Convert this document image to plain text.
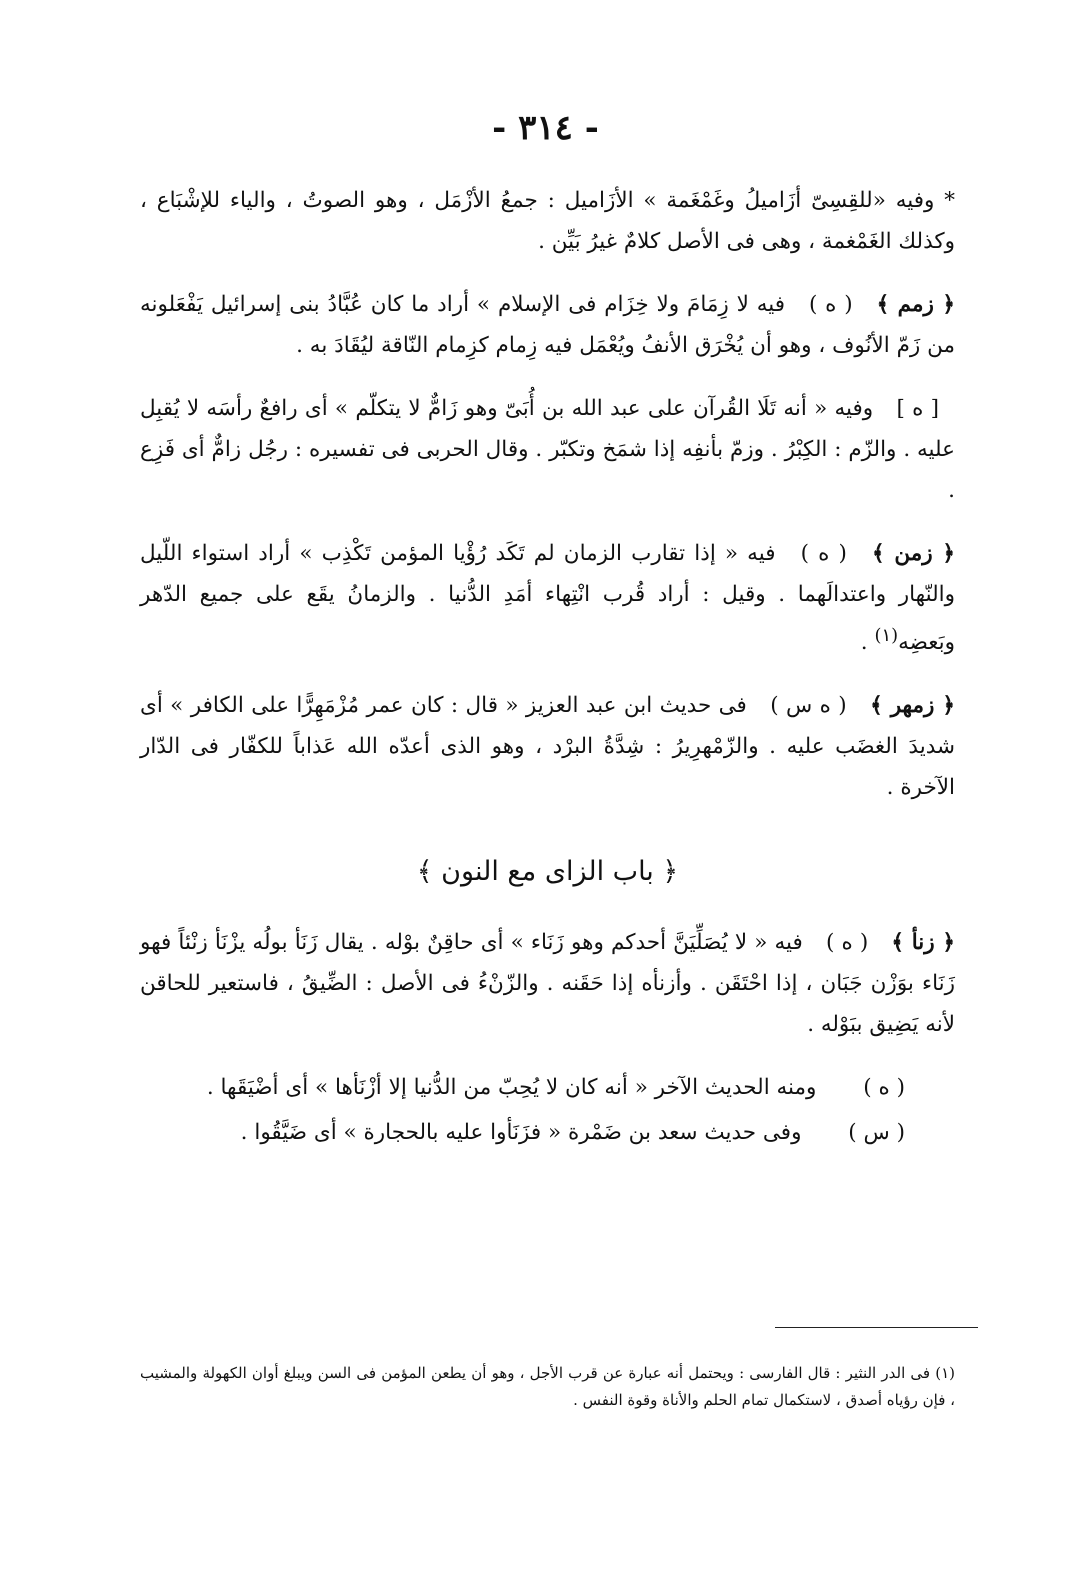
- ٣١٤ -

* وفيه «للقِسِىّ أزَاميلُ وغَمْغَمة » الأزَاميل : جمعُ الأزْمَل ، وهو الصوتُ ، والياء للإشْبَاع ، وكذلك الغَمْغمة ، وهى فى الأصل كلامٌ غيرُ بَيِّن .

﴿ زمم ﴾ ( ه ) فيه لا زِمَامَ ولا خِزَام فى الإسلام » أراد ما كان عُبَّادُ بنى إسرائيل يَفْعَلونه من زَمّ الأنُوف ، وهو أن يُخْرَق الأنفُ ويُعْمَل فيه زِمام كزِمام النّاقة ليُقَادَ به .

[ ه ] وفيه « أنه تَلَا القُرآن على عبد الله بن أُبَىّ وهو زَامٌّ لا يتكلّم » أى رافعٌ رأسَه لا يُقبِل عليه . والزّم : الكِبْرُ . وزمّ بأنفِه إذا شمَخ وتكبّر . وقال الحربى فى تفسيره : رجُل زامٌّ أى فَزِع .

﴿ زمن ﴾ ( ه ) فيه « إذا تقارب الزمان لم تَكَد رُؤْيا المؤمن تَكْذِب » أراد استواء اللّيل والنّهار واعتدالَهما . وقيل : أراد قُرب انْتِهاء أمَدِ الدُّنيا . والزمانُ يقَع على جميع الدّهر وبَعضِه$^{(١)}$ .

﴿ زمهر ﴾ ( ه س ) فى حديث ابن عبد العزيز « قال : كان عمر مُزْمَهِرًّا على الكافر » أى شديدَ الغضَب عليه . والزّمْهرِيرُ : شِدَّةُ البرْد ، وهو الذى أعدّه الله عَذاباً للكفّار فى الدّار الآخرة .

﴿ باب الزاى مع النون ﴾

﴿ زنأ ﴾ ( ه ) فيه « لا يُصَلِّيَنَّ أحدكم وهو زَنَاء » أى حاقِنٌ بوْله . يقال زَنَأ بولُه يزْنَأ زنْئاً فهو زَنَاء بوَزْن جَبَان ، إذا احْتَقَن . وأزنأه إذا حَقَنه . والزّنْءُ فى الأصل : الضِّيقُ ، فاستعير للحاقن لأنه يَضِيق ببَوْله .

( ه ) ومنه الحديث الآخر « أنه كان لا يُحِبّ من الدُّنيا إلا أزْنَأها » أى أضْيَقَها .

( س ) وفى حديث سعد بن ضَمْرة « فزَنَأوا عليه بالحجارة » أى ضَيَّقُوا .

(١) فى الدر النثير : قال الفارسى : ويحتمل أنه عبارة عن قرب الأجل ، وهو أن يطعن المؤمن فى السن ويبلغ أوان الكهولة والمشيب ، فإن رؤياه أصدق ، لاستكمال تمام الحلم والأناة وقوة النفس .
